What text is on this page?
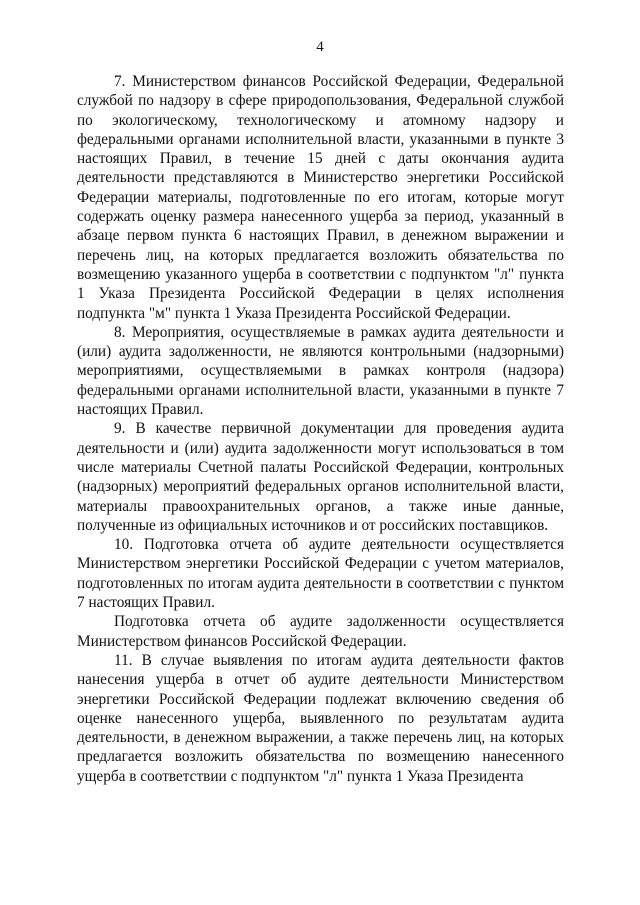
4

7. Министерством финансов Российской Федерации, Федеральной службой по надзору в сфере природопользования, Федеральной службой по экологическому, технологическому и атомному надзору и федеральными органами исполнительной власти, указанными в пункте 3 настоящих Правил, в течение 15 дней с даты окончания аудита деятельности представляются в Министерство энергетики Российской Федерации материалы, подготовленные по его итогам, которые могут содержать оценку размера нанесенного ущерба за период, указанный в абзаце первом пункта 6 настоящих Правил, в денежном выражении и перечень лиц, на которых предлагается возложить обязательства по возмещению указанного ущерба в соответствии с подпунктом "л" пункта 1 Указа Президента Российской Федерации в целях исполнения подпункта "м" пункта 1 Указа Президента Российской Федерации.

8. Мероприятия, осуществляемые в рамках аудита деятельности и (или) аудита задолженности, не являются контрольными (надзорными) мероприятиями, осуществляемыми в рамках контроля (надзора) федеральными органами исполнительной власти, указанными в пункте 7 настоящих Правил.

9. В качестве первичной документации для проведения аудита деятельности и (или) аудита задолженности могут использоваться в том числе материалы Счетной палаты Российской Федерации, контрольных (надзорных) мероприятий федеральных органов исполнительной власти, материалы правоохранительных органов, а также иные данные, полученные из официальных источников и от российских поставщиков.

10. Подготовка отчета об аудите деятельности осуществляется Министерством энергетики Российской Федерации с учетом материалов, подготовленных по итогам аудита деятельности в соответствии с пунктом 7 настоящих Правил.

Подготовка отчета об аудите задолженности осуществляется Министерством финансов Российской Федерации.

11. В случае выявления по итогам аудита деятельности фактов нанесения ущерба в отчет об аудите деятельности Министерством энергетики Российской Федерации подлежат включению сведения об оценке нанесенного ущерба, выявленного по результатам аудита деятельности, в денежном выражении, а также перечень лиц, на которых предлагается возложить обязательства по возмещению нанесенного ущерба в соответствии с подпунктом "л" пункта 1 Указа Президента
